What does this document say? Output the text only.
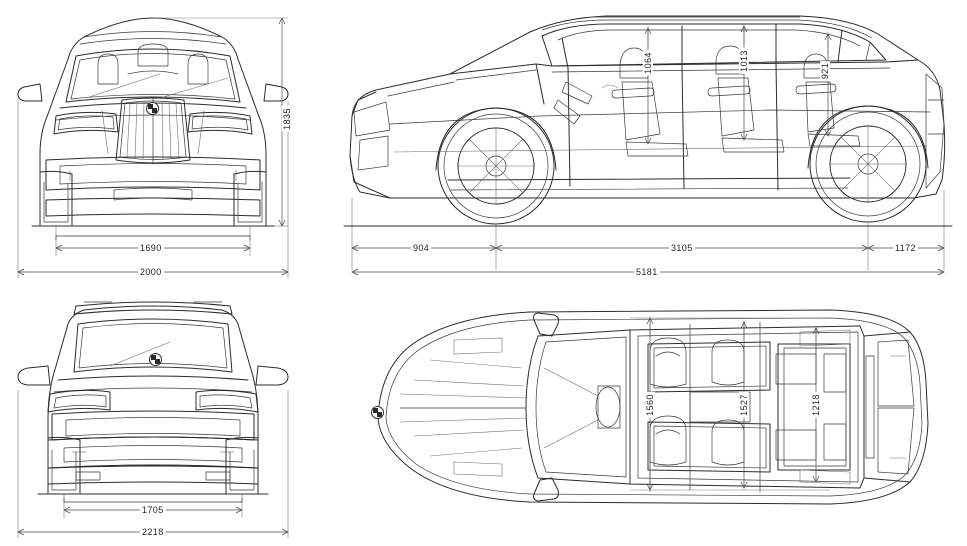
1835
1690
2000
1705
2218
1064	1013	921
904	3105	1172
5181
1560	1527	1218
